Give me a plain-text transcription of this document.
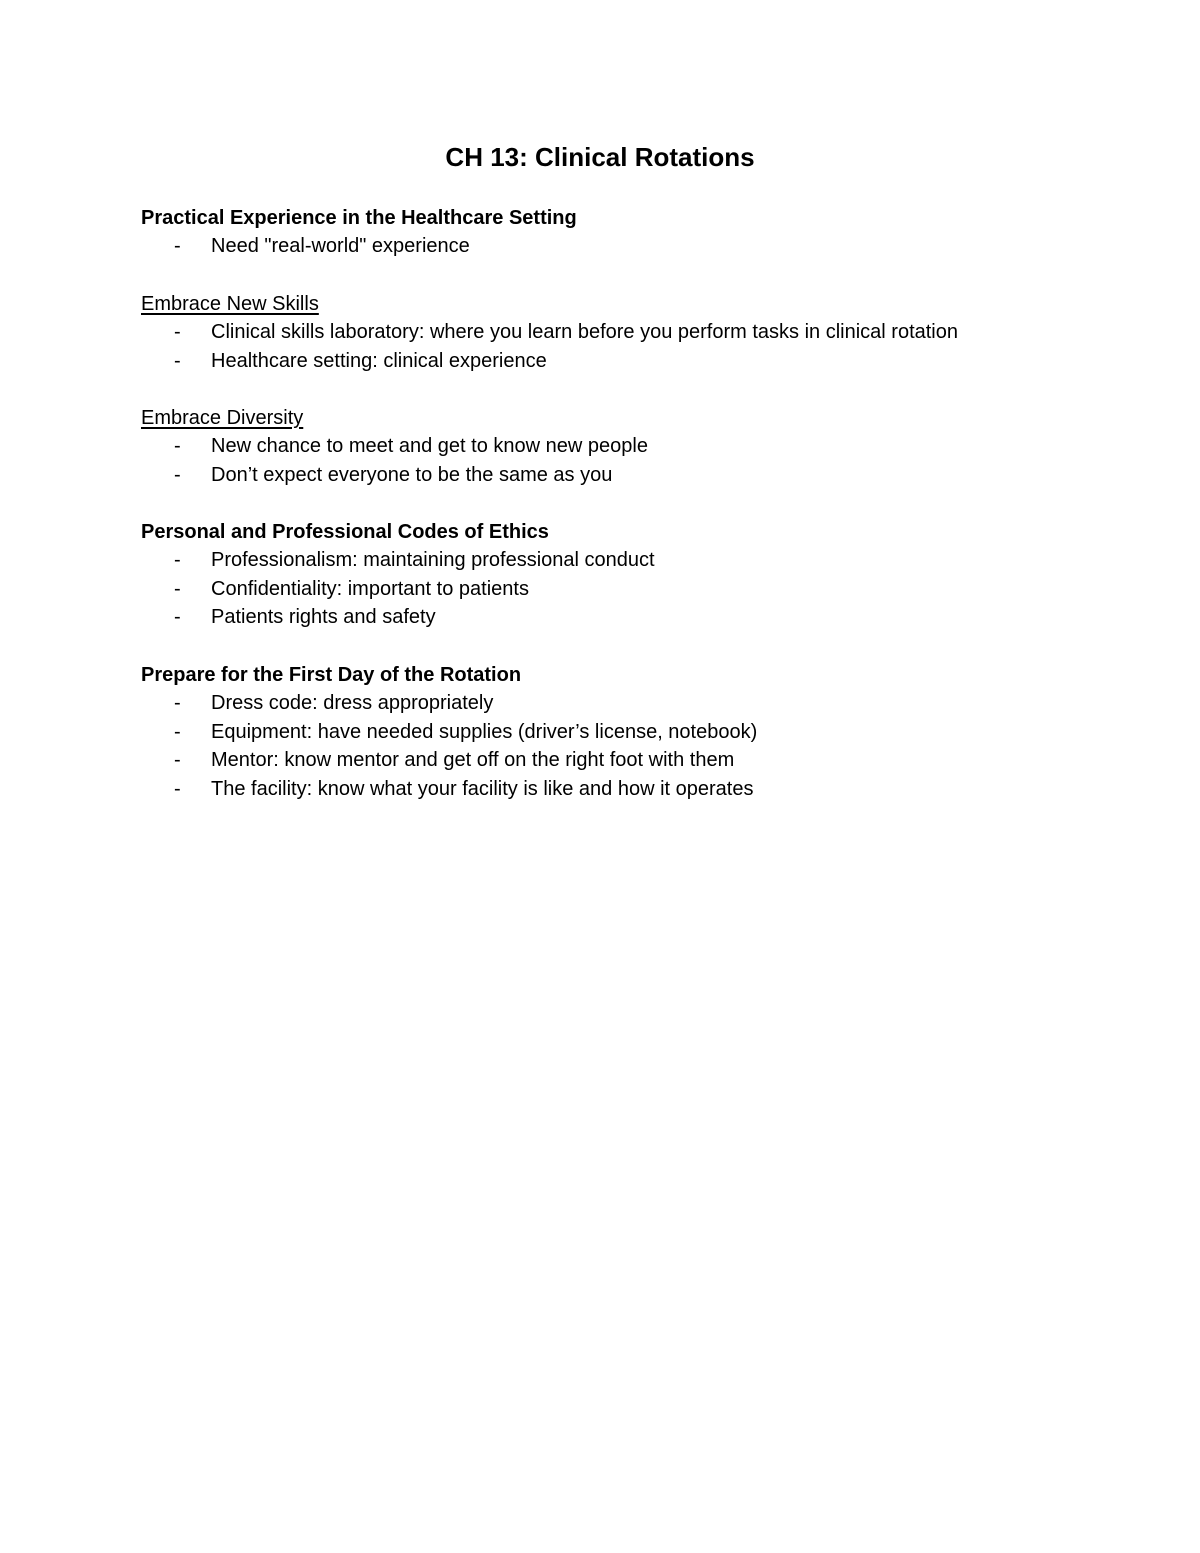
CH 13: Clinical Rotations

Practical Experience in the Healthcare Setting

- Need "real-world" experience

Embrace New Skills

- Clinical skills laboratory: where you learn before you perform tasks in clinical rotation
- Healthcare setting: clinical experience

Embrace Diversity

- New chance to meet and get to know new people
- Don’t expect everyone to be the same as you

Personal and Professional Codes of Ethics

- Professionalism: maintaining professional conduct
- Confidentiality: important to patients
- Patients rights and safety

Prepare for the First Day of the Rotation

- Dress code: dress appropriately
- Equipment: have needed supplies (driver’s license, notebook)
- Mentor: know mentor and get off on the right foot with them
- The facility: know what your facility is like and how it operates
